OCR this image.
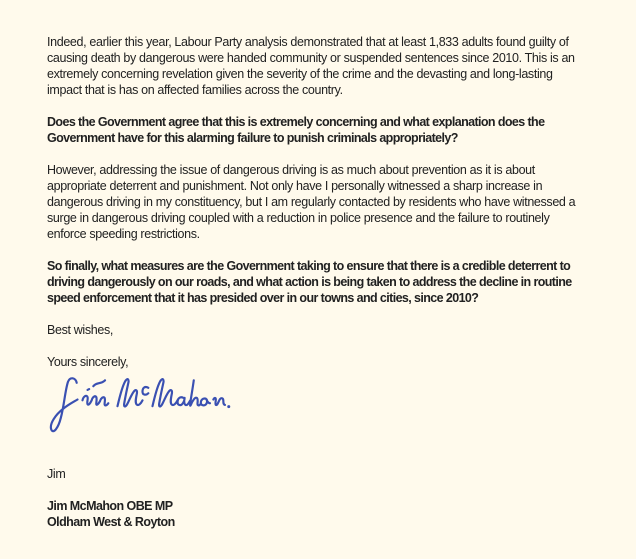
Indeed, earlier this year, Labour Party analysis demonstrated that at least 1,833 adults found guilty of
causing death by dangerous were handed community or suspended sentences since 2010. This is an
extremely concerning revelation given the severity of the crime and the devasting and long-lasting
impact that is has on affected families across the country.
Does the Government agree that this is extremely concerning and what explanation does the
Government have for this alarming failure to punish criminals appropriately?
However, addressing the issue of dangerous driving is as much about prevention as it is about
appropriate deterrent and punishment. Not only have I personally witnessed a sharp increase in
dangerous driving in my constituency, but I am regularly contacted by residents who have witnessed a
surge in dangerous driving coupled with a reduction in police presence and the failure to routinely
enforce speeding restrictions.
So finally, what measures are the Government taking to ensure that there is a credible deterrent to
driving dangerously on our roads, and what action is being taken to address the decline in routine
speed enforcement that it has presided over in our towns and cities, since 2010?
Best wishes,
Yours sincerely,
Jim
Jim McMahon OBE MP
Oldham West & Royton
